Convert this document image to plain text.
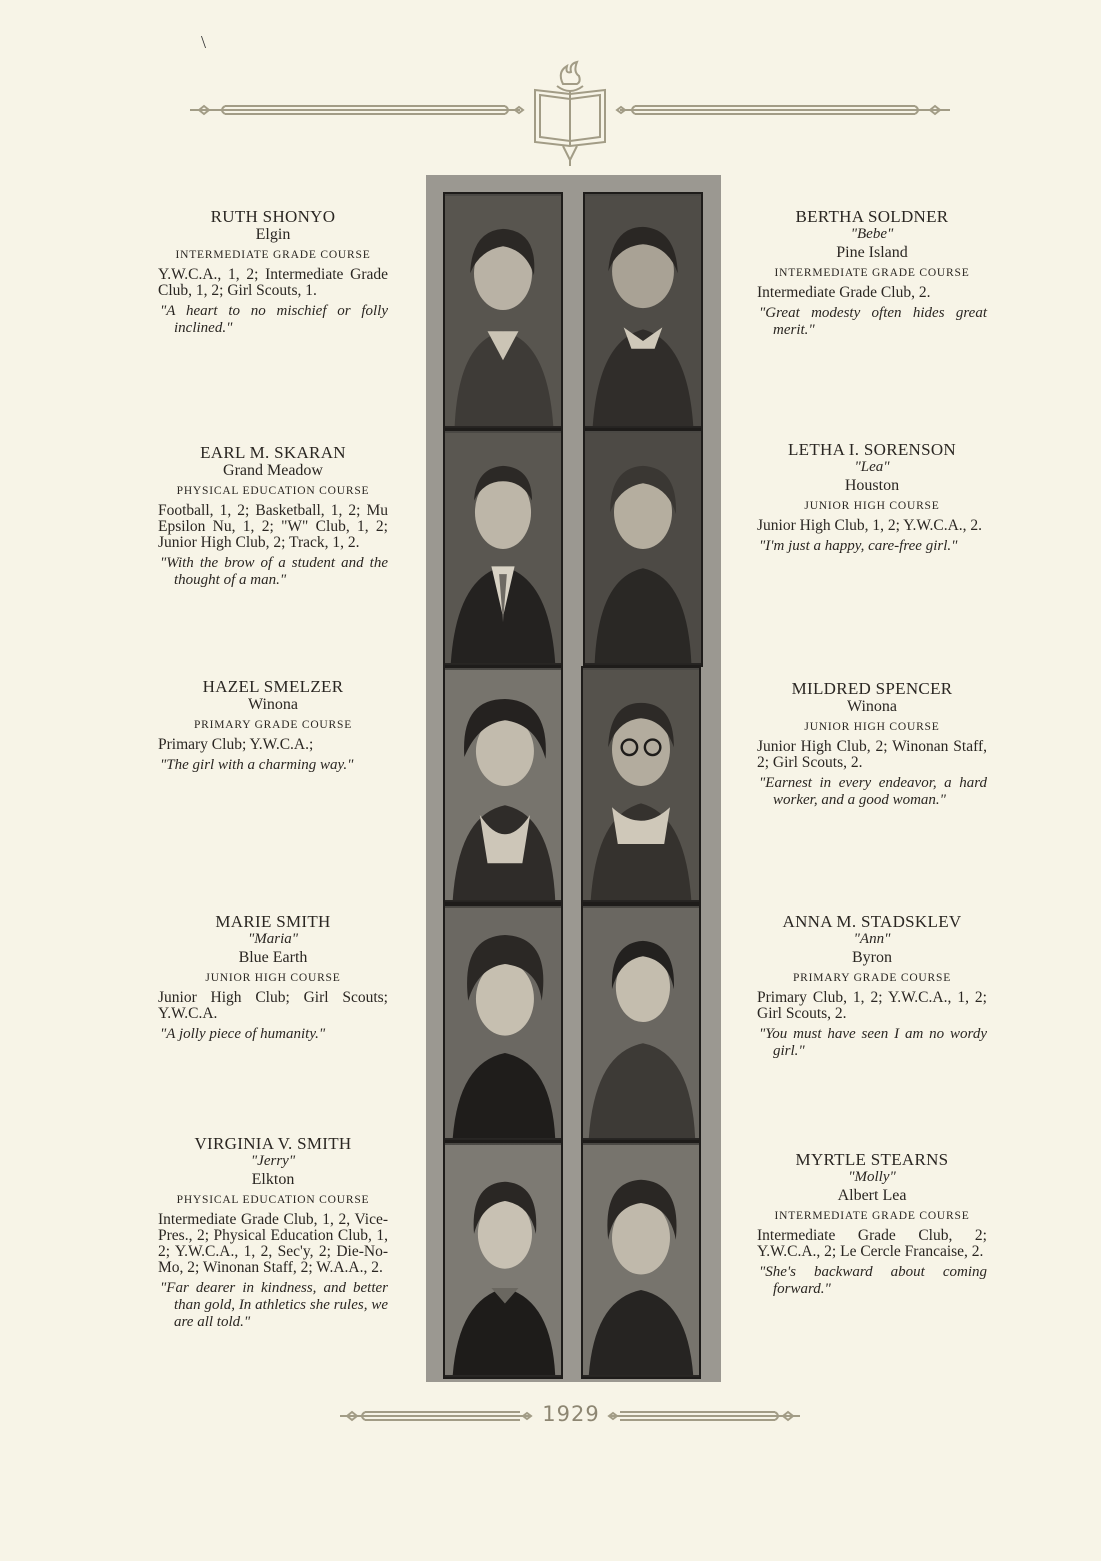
\
RUTH SHONYO
Elgin
INTERMEDIATE GRADE COURSE
Y.W.C.A., 1, 2; Intermediate Grade Club, 1, 2; Girl Scouts, 1.
"A heart to no mischief or folly inclined."
EARL M. SKARAN
Grand Meadow
PHYSICAL EDUCATION COURSE
Football, 1, 2; Basketball, 1, 2; Mu Epsilon Nu, 1, 2; "W" Club, 1, 2; Junior High Club, 2; Track, 1, 2.
"With the brow of a student and the thought of a man."
HAZEL SMELZER
Winona
PRIMARY GRADE COURSE
Primary Club; Y.W.C.A.;
"The girl with a charming way."
MARIE SMITH
"Maria"
Blue Earth
JUNIOR HIGH COURSE
Junior High Club; Girl Scouts; Y.W.C.A.
"A jolly piece of humanity."
VIRGINIA V. SMITH
"Jerry"
Elkton
PHYSICAL EDUCATION COURSE
Intermediate Grade Club, 1, 2, Vice-Pres., 2; Physical Education Club, 1, 2; Y.W.C.A., 1, 2, Sec'y, 2; Die-No-Mo, 2; Winonan Staff, 2; W.A.A., 2.
"Far dearer in kindness, and better than gold, In athletics she rules, we are all told."
BERTHA SOLDNER
"Bebe"
Pine Island
INTERMEDIATE GRADE COURSE
Intermediate Grade Club, 2.
"Great modesty often hides great merit."
LETHA I. SORENSON
"Lea"
Houston
JUNIOR HIGH COURSE
Junior High Club, 1, 2; Y.W.C.A., 2.
"I'm just a happy, care-free girl."
MILDRED SPENCER
Winona
JUNIOR HIGH COURSE
Junior High Club, 2; Winonan Staff, 2; Girl Scouts, 2.
"Earnest in every endeavor, a hard worker, and a good woman."
ANNA M. STADSKLEV
"Ann"
Byron
PRIMARY GRADE COURSE
Primary Club, 1, 2; Y.W.C.A., 1, 2; Girl Scouts, 2.
"You must have seen I am no wordy girl."
MYRTLE STEARNS
"Molly"
Albert Lea
INTERMEDIATE GRADE COURSE
Intermediate Grade Club, 2; Y.W.C.A., 2; Le Cercle Francaise, 2.
"She's backward about coming forward."
1929
